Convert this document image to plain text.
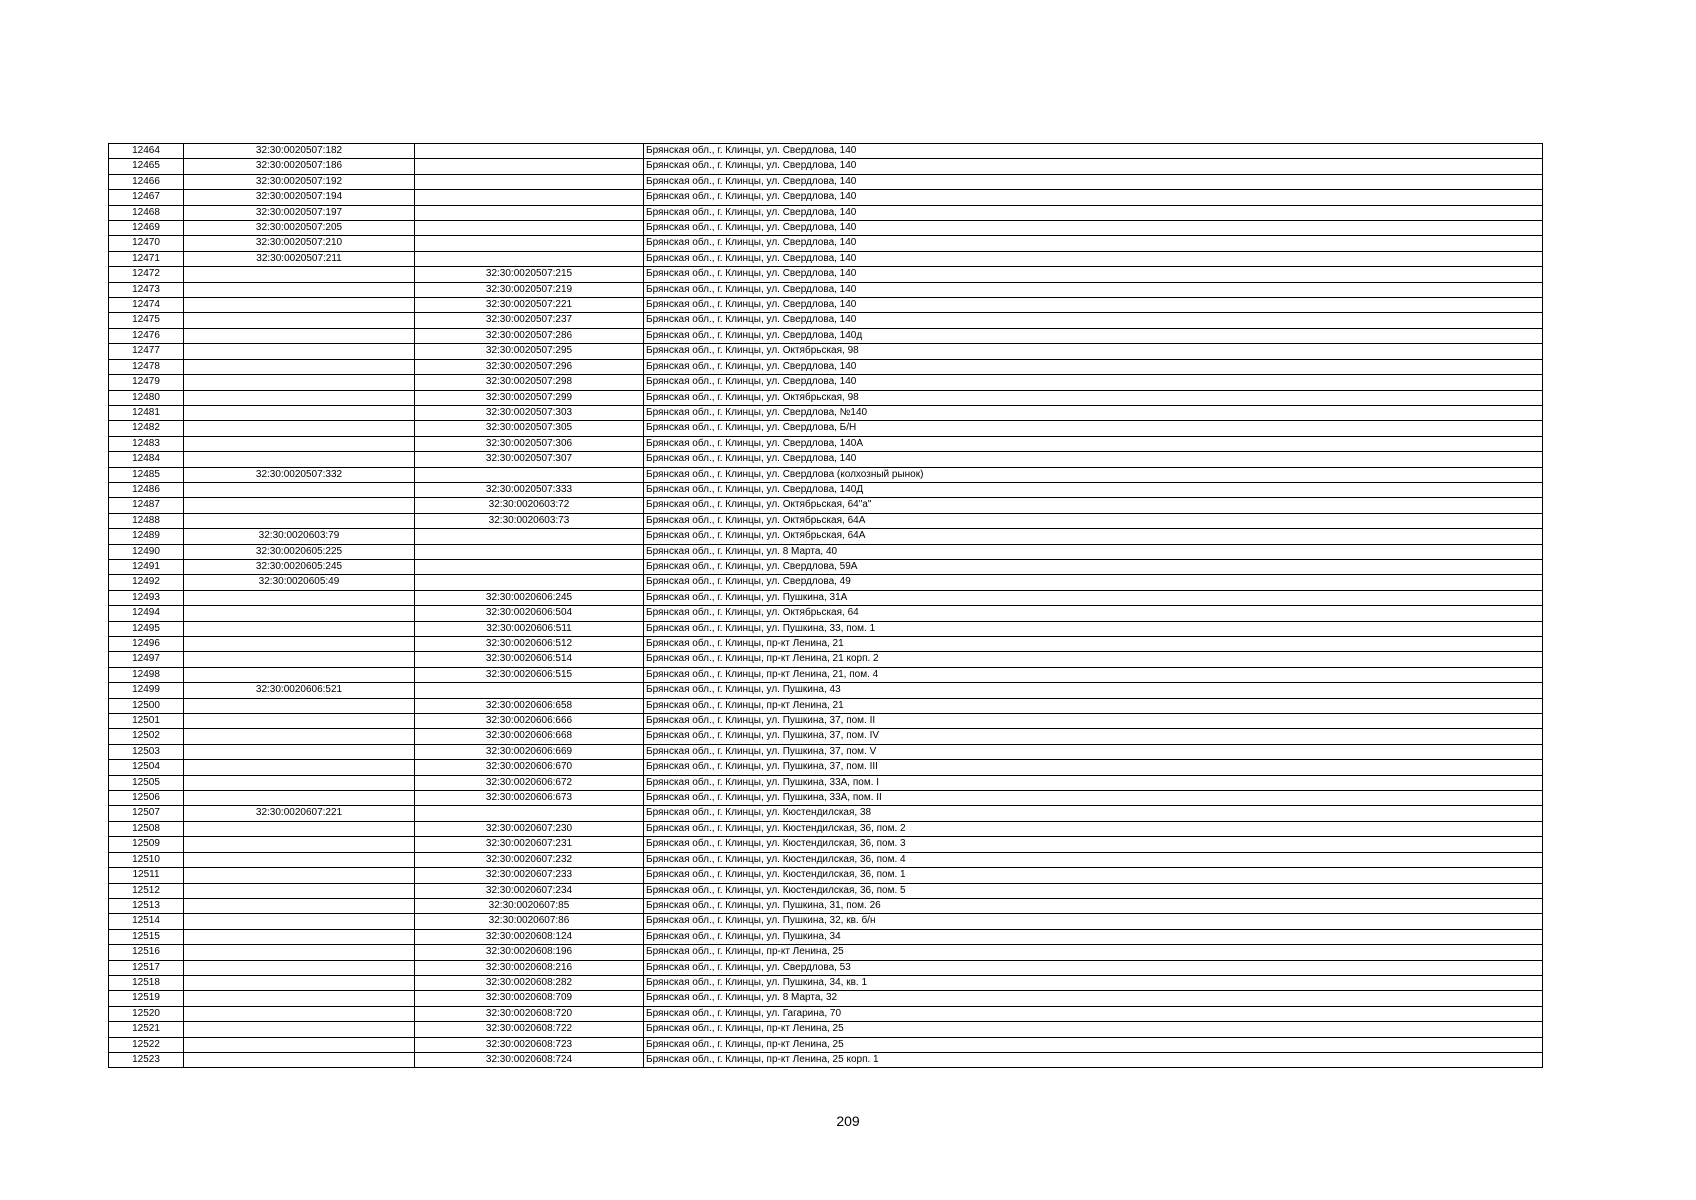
12464	32:30:0020507:182		Брянская обл., г. Клинцы, ул. Свердлова, 140
12465	32:30:0020507:186		Брянская обл., г. Клинцы, ул. Свердлова, 140
12466	32:30:0020507:192		Брянская обл., г. Клинцы, ул. Свердлова, 140
12467	32:30:0020507:194		Брянская обл., г. Клинцы, ул. Свердлова, 140
12468	32:30:0020507:197		Брянская обл., г. Клинцы, ул. Свердлова, 140
12469	32:30:0020507:205		Брянская обл., г. Клинцы, ул. Свердлова, 140
12470	32:30:0020507:210		Брянская обл., г. Клинцы, ул. Свердлова, 140
12471	32:30:0020507:211		Брянская обл., г. Клинцы, ул. Свердлова, 140
12472		32:30:0020507:215	Брянская обл., г. Клинцы, ул. Свердлова, 140
12473		32:30:0020507:219	Брянская обл., г. Клинцы, ул. Свердлова, 140
12474		32:30:0020507:221	Брянская обл., г. Клинцы, ул. Свердлова, 140
12475		32:30:0020507:237	Брянская обл., г. Клинцы, ул. Свердлова, 140
12476		32:30:0020507:286	Брянская обл., г. Клинцы, ул. Свердлова, 140д
12477		32:30:0020507:295	Брянская обл., г. Клинцы, ул. Октябрьская, 98
12478		32:30:0020507:296	Брянская обл., г. Клинцы, ул. Свердлова, 140
12479		32:30:0020507:298	Брянская обл., г. Клинцы, ул. Свердлова, 140
12480		32:30:0020507:299	Брянская обл., г. Клинцы, ул. Октябрьская, 98
12481		32:30:0020507:303	Брянская обл., г. Клинцы, ул. Свердлова, №140
12482		32:30:0020507:305	Брянская обл., г. Клинцы, ул. Свердлова, Б/Н
12483		32:30:0020507:306	Брянская обл., г. Клинцы, ул. Свердлова, 140А
12484		32:30:0020507:307	Брянская обл., г. Клинцы, ул. Свердлова, 140
12485	32:30:0020507:332		Брянская обл., г. Клинцы, ул. Свердлова (колхозный рынок)
12486		32:30:0020507:333	Брянская обл., г. Клинцы, ул. Свердлова, 140Д
12487		32:30:0020603:72	Брянская обл., г. Клинцы, ул. Октябрьская, 64"а"
12488		32:30:0020603:73	Брянская обл., г. Клинцы, ул. Октябрьская, 64А
12489	32:30:0020603:79		Брянская обл., г. Клинцы, ул. Октябрьская, 64А
12490	32:30:0020605:225		Брянская обл., г. Клинцы, ул. 8 Марта, 40
12491	32:30:0020605:245		Брянская обл., г. Клинцы, ул. Свердлова, 59А
12492	32:30:0020605:49		Брянская обл., г. Клинцы, ул. Свердлова, 49
12493		32:30:0020606:245	Брянская обл., г. Клинцы, ул. Пушкина, 31А
12494		32:30:0020606:504	Брянская обл., г. Клинцы, ул. Октябрьская, 64
12495		32:30:0020606:511	Брянская обл., г. Клинцы, ул. Пушкина, 33, пом. 1
12496		32:30:0020606:512	Брянская обл., г. Клинцы, пр-кт Ленина, 21
12497		32:30:0020606:514	Брянская обл., г. Клинцы, пр-кт Ленина, 21 корп. 2
12498		32:30:0020606:515	Брянская обл., г. Клинцы, пр-кт Ленина, 21, пом. 4
12499	32:30:0020606:521		Брянская обл., г. Клинцы, ул. Пушкина, 43
12500		32:30:0020606:658	Брянская обл., г. Клинцы, пр-кт Ленина, 21
12501		32:30:0020606:666	Брянская обл., г. Клинцы, ул. Пушкина, 37, пом. II
12502		32:30:0020606:668	Брянская обл., г. Клинцы, ул. Пушкина, 37, пом. IV
12503		32:30:0020606:669	Брянская обл., г. Клинцы, ул. Пушкина, 37, пом. V
12504		32:30:0020606:670	Брянская обл., г. Клинцы, ул. Пушкина, 37, пом. III
12505		32:30:0020606:672	Брянская обл., г. Клинцы, ул. Пушкина, 33А, пом. I
12506		32:30:0020606:673	Брянская обл., г. Клинцы, ул. Пушкина, 33А, пом. II
12507	32:30:0020607:221		Брянская обл., г. Клинцы, ул. Кюстендилская, 38
12508		32:30:0020607:230	Брянская обл., г. Клинцы, ул. Кюстендилская, 36, пом. 2
12509		32:30:0020607:231	Брянская обл., г. Клинцы, ул. Кюстендилская, 36, пом. 3
12510		32:30:0020607:232	Брянская обл., г. Клинцы, ул. Кюстендилская, 36, пом. 4
12511		32:30:0020607:233	Брянская обл., г. Клинцы, ул. Кюстендилская, 36, пом. 1
12512		32:30:0020607:234	Брянская обл., г. Клинцы, ул. Кюстендилская, 36, пом. 5
12513		32:30:0020607:85	Брянская обл., г. Клинцы, ул. Пушкина, 31, пом. 26
12514		32:30:0020607:86	Брянская обл., г. Клинцы, ул. Пушкина, 32, кв. б/н
12515		32:30:0020608:124	Брянская обл., г. Клинцы, ул. Пушкина, 34
12516		32:30:0020608:196	Брянская обл., г. Клинцы, пр-кт Ленина, 25
12517		32:30:0020608:216	Брянская обл., г. Клинцы, ул. Свердлова, 53
12518		32:30:0020608:282	Брянская обл., г. Клинцы, ул. Пушкина, 34, кв. 1
12519		32:30:0020608:709	Брянская обл., г. Клинцы, ул. 8 Марта, 32
12520		32:30:0020608:720	Брянская обл., г. Клинцы, ул. Гагарина, 70
12521		32:30:0020608:722	Брянская обл., г. Клинцы, пр-кт Ленина, 25
12522		32:30:0020608:723	Брянская обл., г. Клинцы, пр-кт Ленина, 25
12523		32:30:0020608:724	Брянская обл., г. Клинцы, пр-кт Ленина, 25 корп. 1
209
